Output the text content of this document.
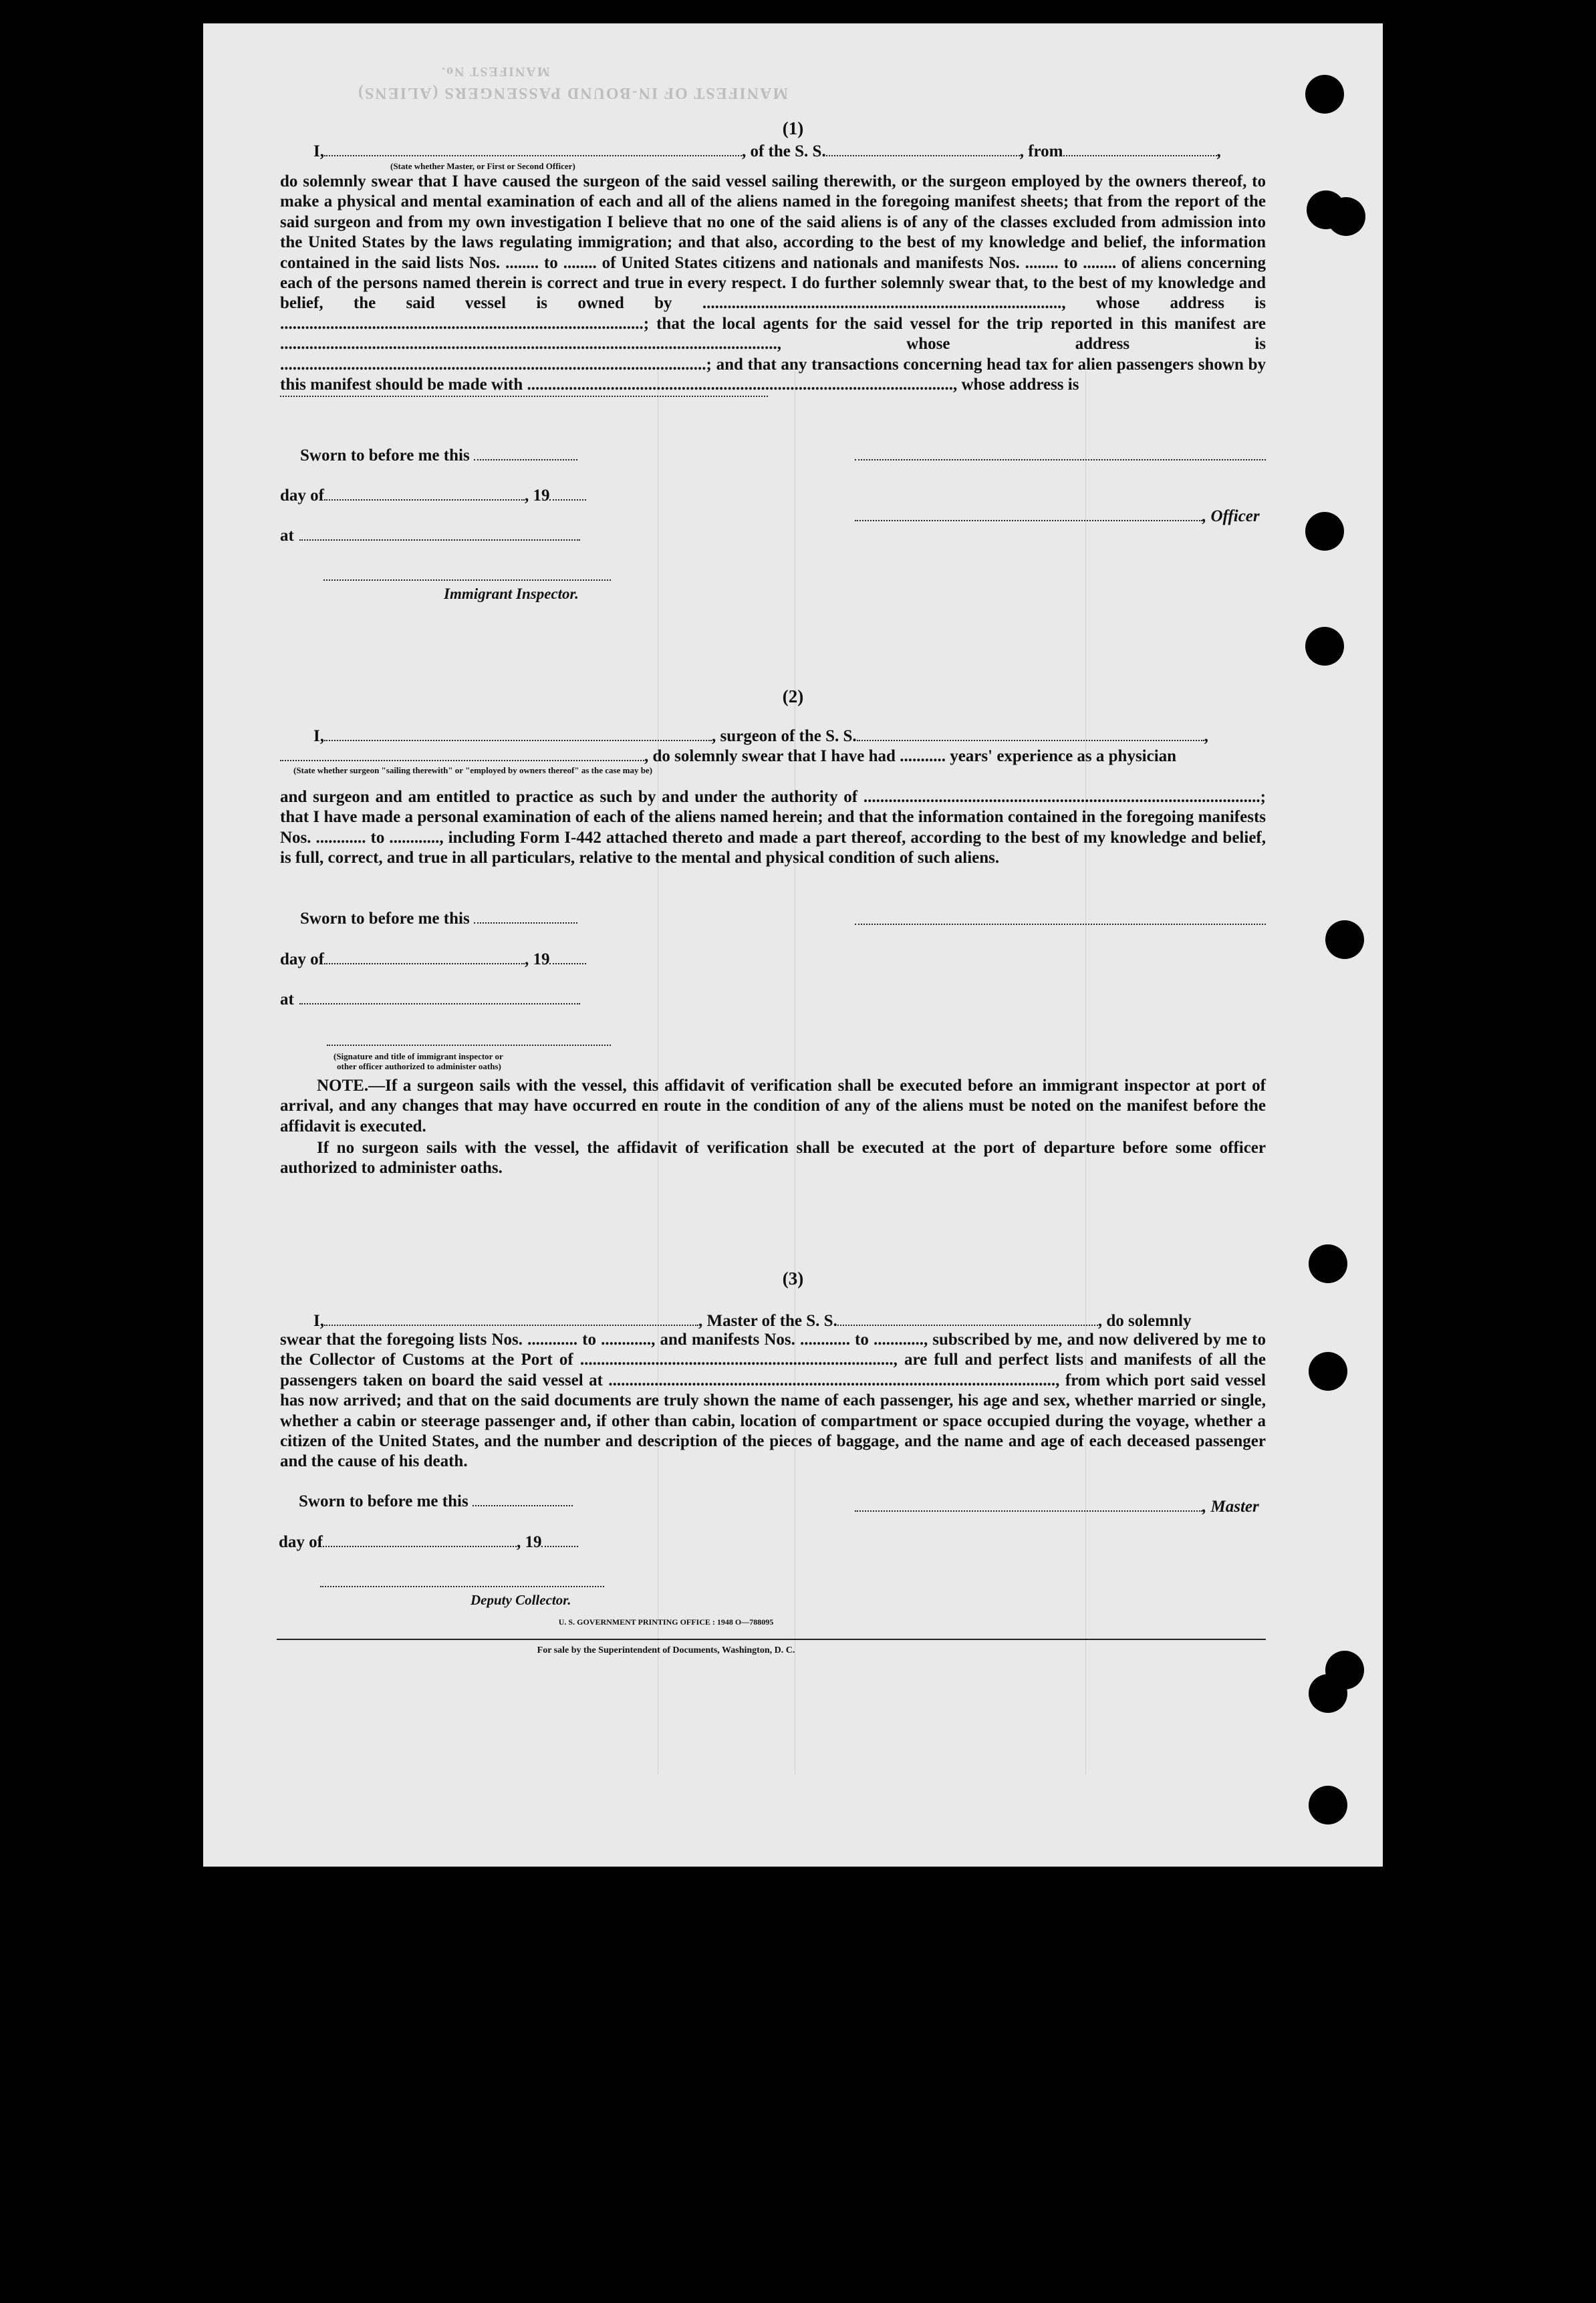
MANIFEST OF IN-BOUND PASSENGERS (ALIENS)
MANIFEST No.
(1)
I,	, of the S. S.	, from	,
(State whether Master, or First or Second Officer)
do solemnly swear that I have caused the surgeon of the said vessel sailing therewith, or the surgeon employed by the owners thereof, to make a physical and mental examination of each and all of the aliens named in the foregoing manifest sheets; that from the report of the said surgeon and from my own investigation I believe that no one of the said aliens is of any of the classes excluded from admission into the United States by the laws regulating immigration; and that also, according to the best of my knowledge and belief, the information contained in the said lists Nos. ........ to ........ of United States citizens and nationals and manifests Nos. ........ to ........ of aliens concerning each of the persons named therein is correct and true in every respect. I do further solemnly swear that, to the best of my knowledge and belief, the said vessel is owned by ......................................................................................, whose address is .......................................................................................; that the local agents for the said vessel for the trip reported in this manifest are ......................................................................................................................., whose address is ......................................................................................................; and that any transactions concerning head tax for alien passengers shown by this manifest should be made with ......................................................................................................, whose address is
Sworn to before me this
day of	, 19
, Officer
at
Immigrant Inspector.
(2)
I,	, surgeon of the S. S.	,
, do solemnly swear that I have had ........... years' experience as a physician
(State whether surgeon "sailing therewith" or "employed by owners thereof" as the case may be)
and surgeon and am entitled to practice as such by and under the authority of ...............................................................................................; that I have made a personal examination of each of the aliens named herein; and that the information contained in the foregoing manifests Nos. ............ to ............, including Form I-442 attached thereto and made a part thereof, according to the best of my knowledge and belief, is full, correct, and true in all particulars, relative to the mental and physical condition of such aliens.
Sworn to before me this
day of	, 19
at
(Signature and title of immigrant inspector or
other officer authorized to administer oaths)
NOTE.—If a surgeon sails with the vessel, this affidavit of verification shall be executed before an immigrant inspector at port of arrival, and any changes that may have occurred en route in the condition of any of the aliens must be noted on the manifest before the affidavit is executed.
If no surgeon sails with the vessel, the affidavit of verification shall be executed at the port of departure before some officer authorized to administer oaths.
(3)
I,	, Master of the S. S.	, do solemnly
swear that the foregoing lists Nos. ............ to ............, and manifests Nos. ............ to ............, subscribed by me, and now delivered by me to the Collector of Customs at the Port of ..........................................................................., are full and perfect lists and manifests of all the passengers taken on board the said vessel at ..........................................................................................................., from which port said vessel has now arrived; and that on the said documents are truly shown the name of each passenger, his age and sex, whether married or single, whether a cabin or steerage passenger and, if other than cabin, location of compartment or space occupied during the voyage, whether a citizen of the United States, and the number and description of the pieces of baggage, and the name and age of each deceased passenger and the cause of his death.
Sworn to before me this	, Master
day of	, 19
Deputy Collector.
U. S. GOVERNMENT PRINTING OFFICE : 1948 O—788095
For sale by the Superintendent of Documents, Washington, D. C.
